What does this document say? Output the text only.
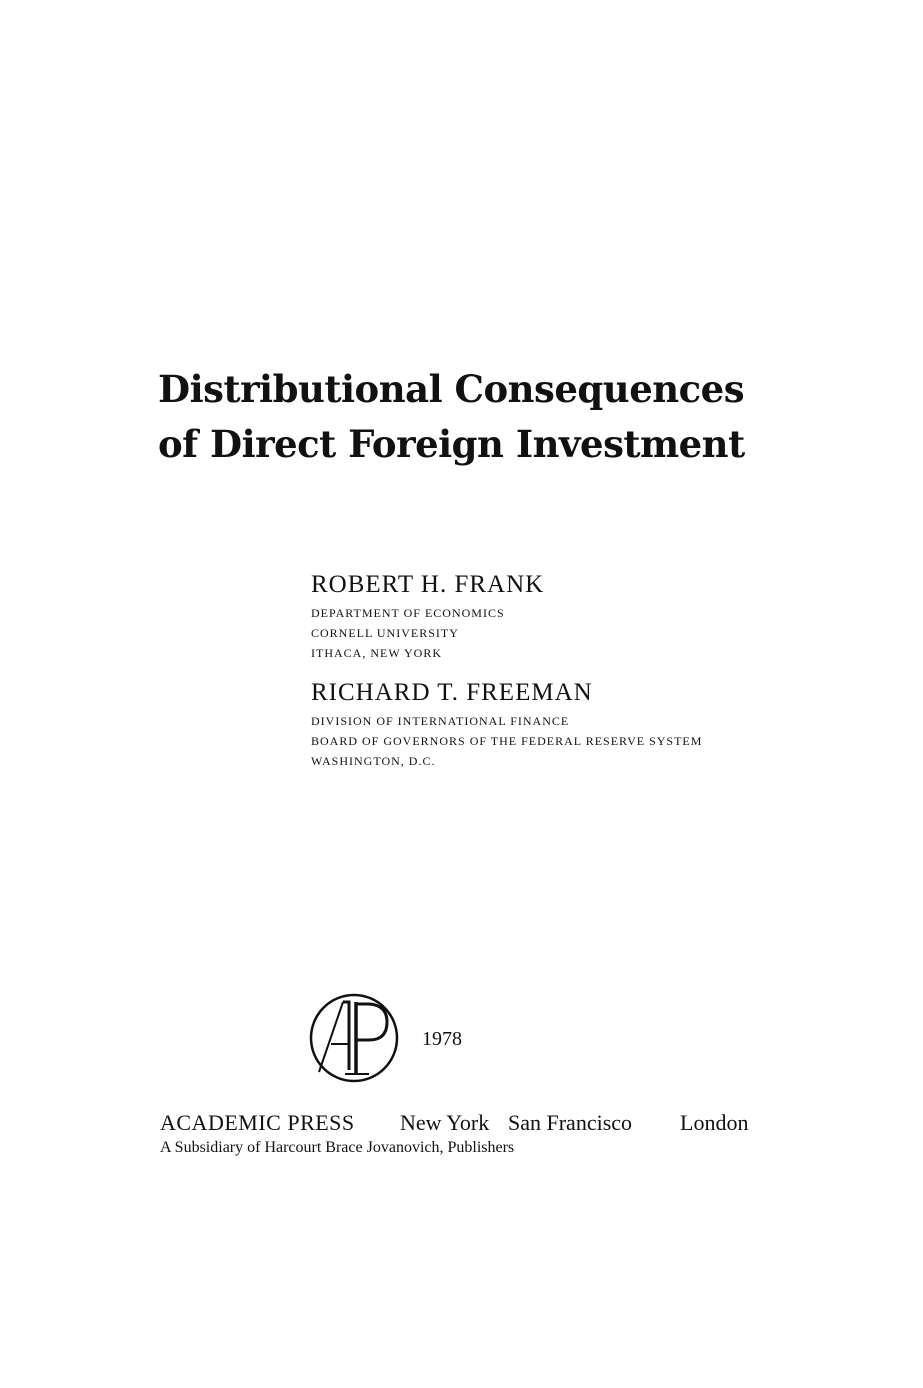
Distributional Consequences
of Direct Foreign Investment
ROBERT H. FRANK
DEPARTMENT OF ECONOMICS
CORNELL UNIVERSITY
ITHACA, NEW YORK
RICHARD T. FREEMAN
DIVISION OF INTERNATIONAL FINANCE
BOARD OF GOVERNORS OF THE FEDERAL RESERVE SYSTEM
WASHINGTON, D.C.
1978
ACADEMIC PRESS New York San Francisco London
A Subsidiary of Harcourt Brace Jovanovich, Publishers
